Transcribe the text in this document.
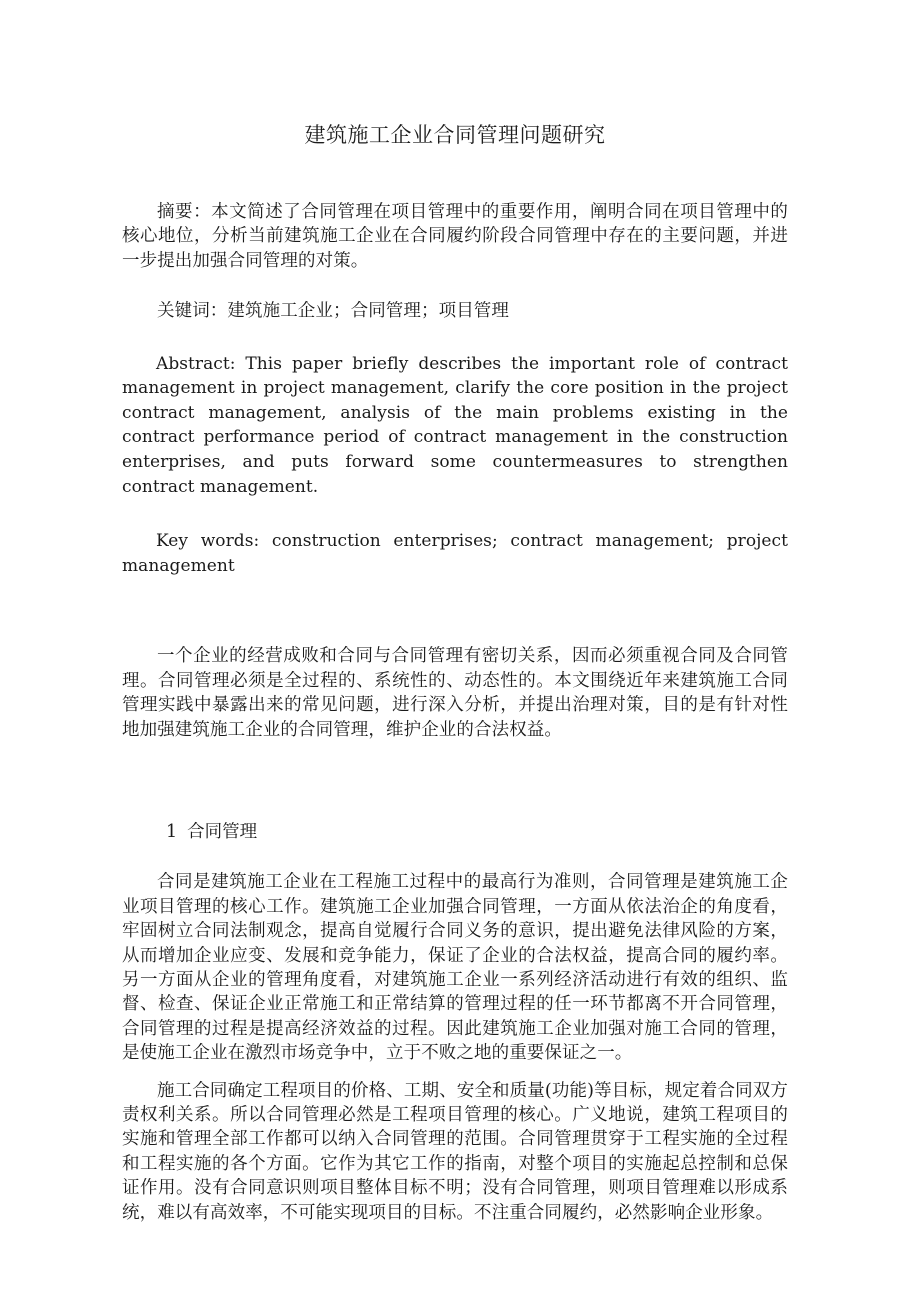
建筑施工企业合同管理问题研究

摘要：本文简述了合同管理在项目管理中的重要作用，阐明合同在项目管理中的核心地位，分析当前建筑施工企业在合同履约阶段合同管理中存在的主要问题，并进一步提出加强合同管理的对策。

关键词：建筑施工企业；合同管理；项目管理

Abstract: This paper briefly describes the important role of contract management in project management, clarify the core position in the project contract management, analysis of the main problems existing in the contract performance period of contract management in the construction enterprises, and puts forward some countermeasures to strengthen contract management.

Key words: construction enterprises; contract management; project management

一个企业的经营成败和合同与合同管理有密切关系，因而必须重视合同及合同管理。合同管理必须是全过程的、系统性的、动态性的。本文围绕近年来建筑施工合同管理实践中暴露出来的常见问题，进行深入分析，并提出治理对策，目的是有针对性地加强建筑施工企业的合同管理，维护企业的合法权益。

1 合同管理

合同是建筑施工企业在工程施工过程中的最高行为准则，合同管理是建筑施工企业项目管理的核心工作。建筑施工企业加强合同管理，一方面从依法治企的角度看，牢固树立合同法制观念，提高自觉履行合同义务的意识，提出避免法律风险的方案，从而增加企业应变、发展和竞争能力，保证了企业的合法权益，提高合同的履约率。另一方面从企业的管理角度看，对建筑施工企业一系列经济活动进行有效的组织、监督、检查、保证企业正常施工和正常结算的管理过程的任一环节都离不开合同管理，合同管理的过程是提高经济效益的过程。因此建筑施工企业加强对施工合同的管理，是使施工企业在激烈市场竞争中，立于不败之地的重要保证之一。

施工合同确定工程项目的价格、工期、安全和质量(功能)等目标，规定着合同双方责权利关系。所以合同管理必然是工程项目管理的核心。广义地说，建筑工程项目的实施和管理全部工作都可以纳入合同管理的范围。合同管理贯穿于工程实施的全过程和工程实施的各个方面。它作为其它工作的指南，对整个项目的实施起总控制和总保证作用。没有合同意识则项目整体目标不明；没有合同管理，则项目管理难以形成系统，难以有高效率，不可能实现项目的目标。不注重合同履约，必然影响企业形象。
